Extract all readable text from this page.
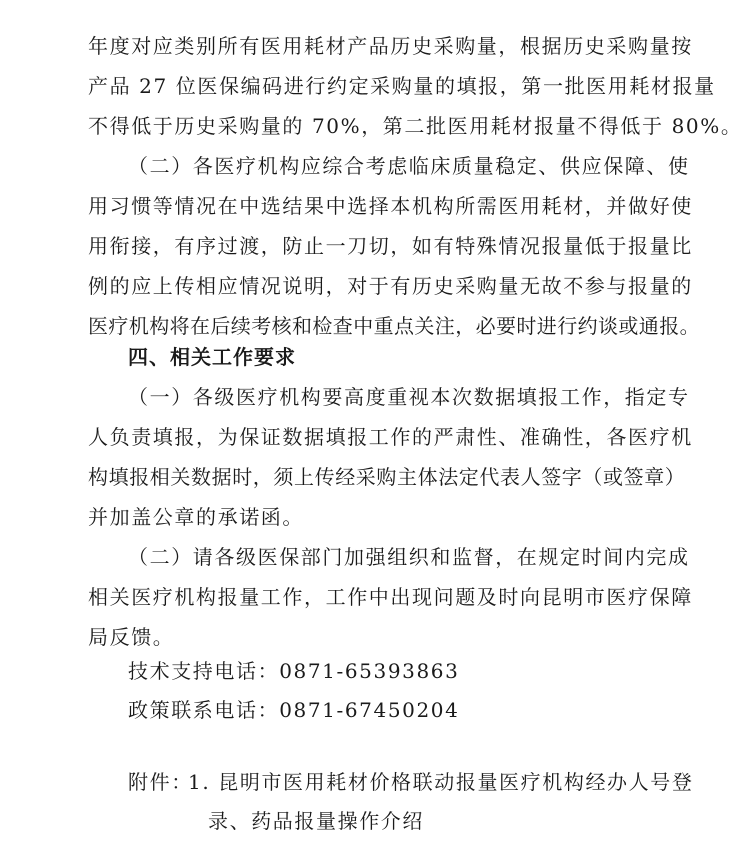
年度对应类别所有医用耗材产品历史采购量，根据历史采购量按
产品 27 位医保编码进行约定采购量的填报，第一批医用耗材报量
不得低于历史采购量的 70%，第二批医用耗材报量不得低于 80%。
（二）各医疗机构应综合考虑临床质量稳定、供应保障、使
用习惯等情况在中选结果中选择本机构所需医用耗材，并做好使
用衔接，有序过渡，防止一刀切，如有特殊情况报量低于报量比
例的应上传相应情况说明，对于有历史采购量无故不参与报量的
医疗机构将在后续考核和检查中重点关注，必要时进行约谈或通报。
四、相关工作要求
（一）各级医疗机构要高度重视本次数据填报工作，指定专
人负责填报，为保证数据填报工作的严肃性、准确性，各医疗机
构填报相关数据时，须上传经采购主体法定代表人签字（或签章）
并加盖公章的承诺函。
（二）请各级医保部门加强组织和监督，在规定时间内完成
相关医疗机构报量工作，工作中出现问题及时向昆明市医疗保障
局反馈。
技术支持电话：0871-65393863
政策联系电话：0871-67450204
附件：
1. 昆明市医用耗材价格联动报量医疗机构经办人号登
录、药品报量操作介绍
